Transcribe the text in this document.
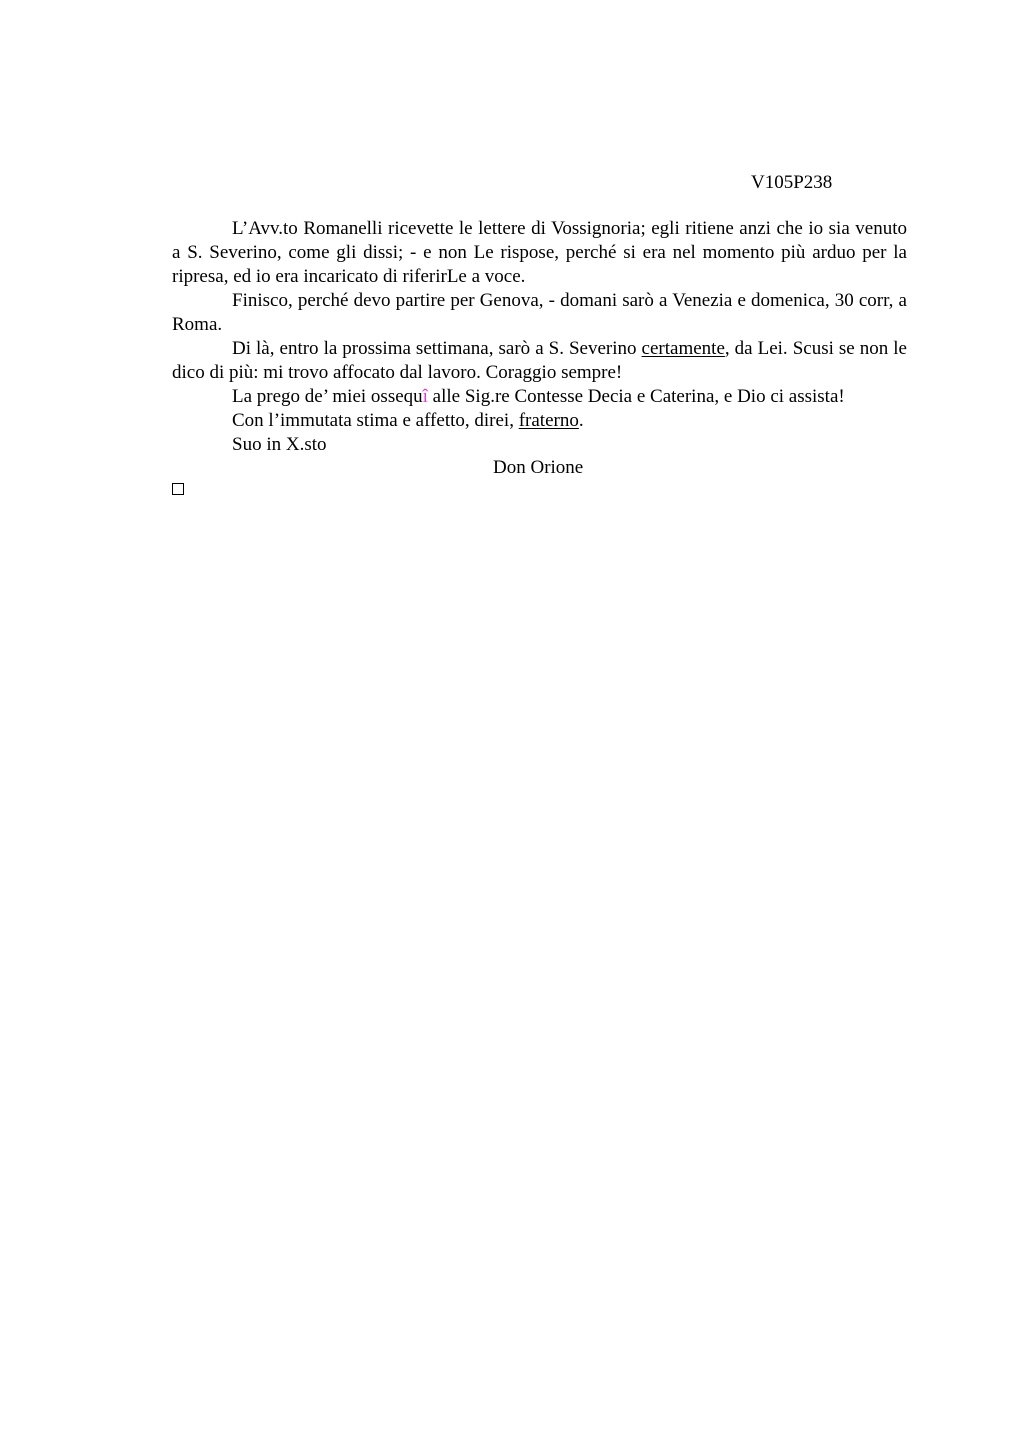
V105P238

L’Avv.to Romanelli ricevette le lettere di Vossignoria; egli ritiene anzi che io sia venuto a S. Severino, come gli dissi; - e non Le rispose, perché si era nel momento più arduo per la ripresa, ed io era incaricato di riferirLe a voce.

Finisco, perché devo partire per Genova, - domani sarò a Venezia e domenica, 30 corr, a Roma.

Di là, entro la prossima settimana, sarò a S. Severino certamente, da Lei. Scusi se non le dico di più: mi trovo affocato dal lavoro. Coraggio sempre!

La prego de’ miei ossequî alle Sig.re Contesse Decia e Caterina, e Dio ci assista!

Con l’immutata stima e affetto, direi, fraterno.

Suo in X.sto

Don Orione
